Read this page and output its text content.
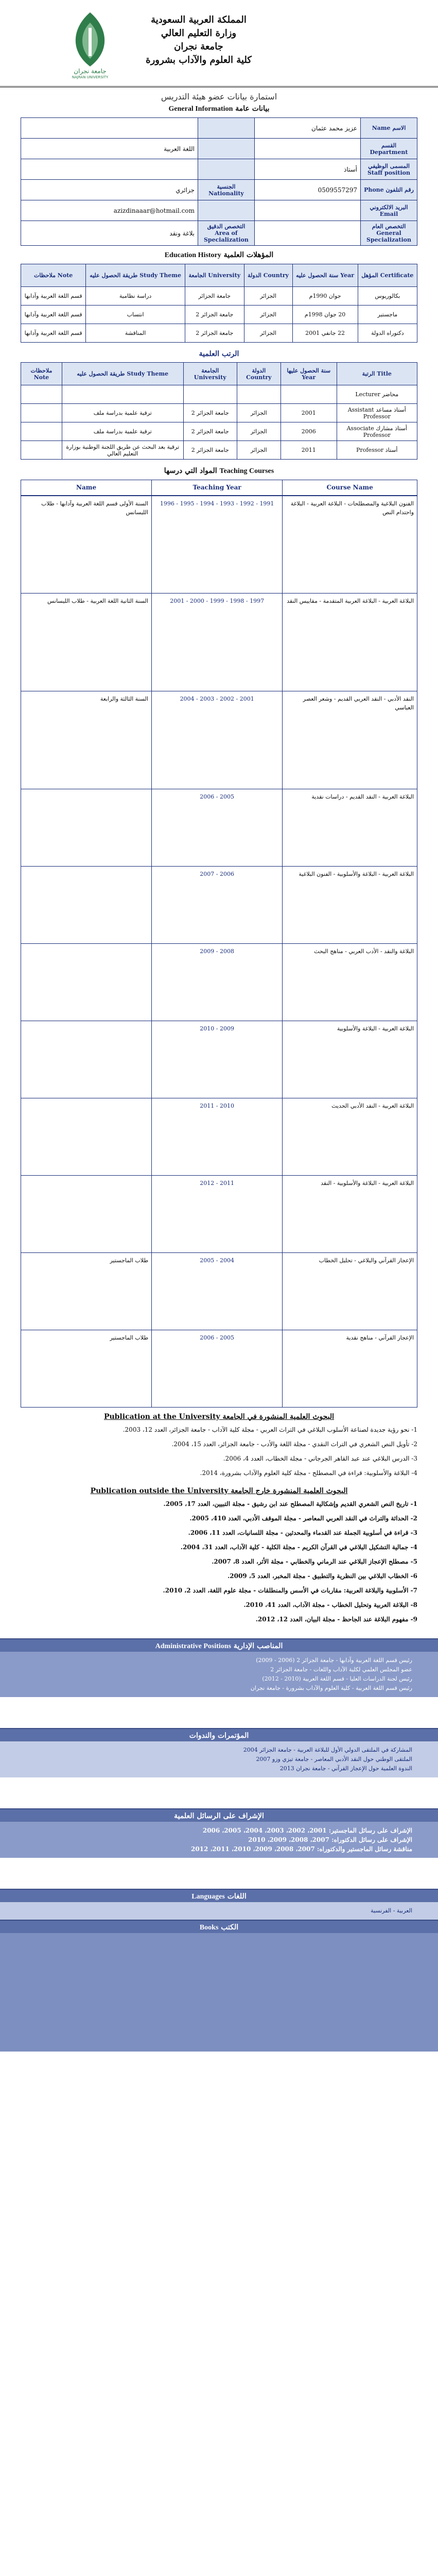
جامعة نجران
NAJRAN UNIVERSITY
المملكة العربية السعودية
وزارة التعليم العالي
جامعة نجران
كلية العلوم والآداب بشرورة
استمارة بيانات عضو هيئة التدريس
بيانات عامة General Information
		عزيز محمد عثمان	الاسم Name
اللغة العربية			القسم Department
		أستاذ	المسمى الوظيفي Staff position
جزائري	الجنسية Nationality	0509557297	رقم التلفون Phone
azizdinaaar@hotmail.com			البريد الالكتروني Email
بلاغة ونقد	التخصص الدقيق Area of Specialization		التخصص العام General Specialization
المؤهلات العلمية Education History
ملاحظات Note	طريقة الحصول عليه Study Theme	الجامعة University	الدولة Country	سنة الحصول عليه Year	المؤهل Certificate
قسم اللغة العربية وآدابها	دراسة نظامية	جامعة الجزائر	الجزائر	جوان 1990م	بكالوريوس
قسم اللغة العربية وآدابها	انتساب	جامعة الجزائر 2	الجزائر	20 جوان 1998م	ماجستير
قسم اللغة العربية وآدابها	المناقشة	جامعة الجزائر 2	الجزائر	22 جانفي 2001	دكتوراه الدولة
الرتب العلمية
ملاحظات Note	طريقة الحصول عليه Study Theme	الجامعة University	الدولة Country	سنة الحصول عليها Year	الرتبة Title
					محاضر Lecturer
	ترقية علمية بدراسة ملف	جامعة الجزائر 2	الجزائر	2001	أستاذ مساعد Assistant Professor
	ترقية علمية بدراسة ملف	جامعة الجزائر 2	الجزائر	2006	أستاذ مشارك Associate Professor
	ترقية بعد البحث عن طريق اللجنة الوطنية بوزارة التعليم العالي	جامعة الجزائر 2	الجزائر	2011	أستاذ Professor
Teaching Courses المواد التي درسها
Name	Teaching Year	Course Name
السنة الأولى قسم اللغة العربية وآدابها - طلاب الليسانس	1991 - 1992 - 1993 - 1994 - 1995 - 1996	الفنون البلاغية والمصطلحات - البلاغة العربية - البلاغة واحتدام النص
السنة الثانية اللغة العربية - طلاب الليسانس	1997 - 1998 - 1999 - 2000 - 2001	البلاغة العربية - البلاغة العربية المتقدمة - مقاييس النقد
السنة الثالثة والرابعة	2001 - 2002 - 2003 - 2004	النقد الأدبي - النقد العربي القديم - وشعر العصر العباسي
	2005 - 2006	البلاغة العربية - النقد القديم - دراسات نقدية
	2006 - 2007	البلاغة العربية - البلاغة والأسلوبية - الفنون البلاغية
	2008 - 2009	البلاغة والنقد - الأدب العربي - مناهج البحث
	2009 - 2010	البلاغة العربية - البلاغة والأسلوبية
	2010 - 2011	البلاغة العربية - النقد الأدبي الحديث
	2011 - 2012	البلاغة العربية - البلاغة والأسلوبية - النقد
طلاب الماجستير	2004 - 2005	الإعجاز القرآني والبلاغي - تحليل الخطاب
طلاب الماجستير	2005 - 2006	الإعجاز القرآني - مناهج نقدية
Publication at the University البحوث العلمية المنشورة في الجامعة

1- نحو رؤية جديدة لصناعة الأسلوب البلاغي في التراث العربي - مجلة كلية الآداب - جامعة الجزائر، العدد 12، 2003.

2- تأويل النص الشعري في التراث النقدي - مجلة اللغة والأدب - جامعة الجزائر، العدد 15، 2004.

3- الدرس البلاغي عند عبد القاهر الجرجاني - مجلة الخطاب، العدد 4، 2006.

4- البلاغة والأسلوبية: قراءة في المصطلح - مجلة كلية العلوم والآداب بشرورة، 2014.

Publication outside the University البحوث العلمية المنشورة خارج الجامعة

1- تاريخ النص الشعري القديم وإشكالية المصطلح عند ابن رشيق - مجلة التبيين، العدد 17، 2005.

2- الحداثة والتراث في النقد العربي المعاصر - مجلة الموقف الأدبي، العدد 410، 2005.

3- قراءة في أسلوبية الجملة عند القدماء والمحدثين - مجلة اللسانيات، العدد 11، 2006.

4- جمالية التشكيل البلاغي في القرآن الكريم - مجلة الكلية - كلية الآداب، العدد 31، 2004.

5- مصطلح الإعجاز البلاغي عند الرماني والخطابي - مجلة الأثر، العدد 8، 2007.

6- الخطاب البلاغي بين النظرية والتطبيق - مجلة المخبر، العدد 5، 2009.

7- الأسلوبية والبلاغة العربية: مقاربات في الأسس والمنطلقات - مجلة علوم اللغة، العدد 2، 2010.

8- البلاغة العربية وتحليل الخطاب - مجلة الآداب، العدد 41، 2010.

9- مفهوم البلاغة عند الجاحظ - مجلة البيان، العدد 12، 2012.

Administrative Positions المناصب الإدارية
رئيس قسم اللغة العربية وآدابها - جامعة الجزائر 2 (2006 - 2009)
عضو المجلس العلمي لكلية الآداب واللغات - جامعة الجزائر 2
رئيس لجنة الدراسات العليا - قسم اللغة العربية (2010 - 2012)
رئيس قسم اللغة العربية - كلية العلوم والآداب بشرورة - جامعة نجران
المؤتمرات والندوات
المشاركة في الملتقى الدولي الأول للبلاغة العربية - جامعة الجزائر 2004
الملتقى الوطني حول النقد الأدبي المعاصر - جامعة تيزي وزو 2007
الندوة العلمية حول الإعجاز القرآني - جامعة نجران 2013
الإشراف على الرسائل العلمية
الإشراف على رسائل الماجستير: 2001، 2002، 2003، 2004، 2005، 2006
الإشراف على رسائل الدكتوراه: 2007، 2008، 2009، 2010
مناقشة رسائل الماجستير والدكتوراه: 2007، 2008، 2009، 2010، 2011، 2012
Languages اللغات
العربية - الفرنسية
Books الكتب
